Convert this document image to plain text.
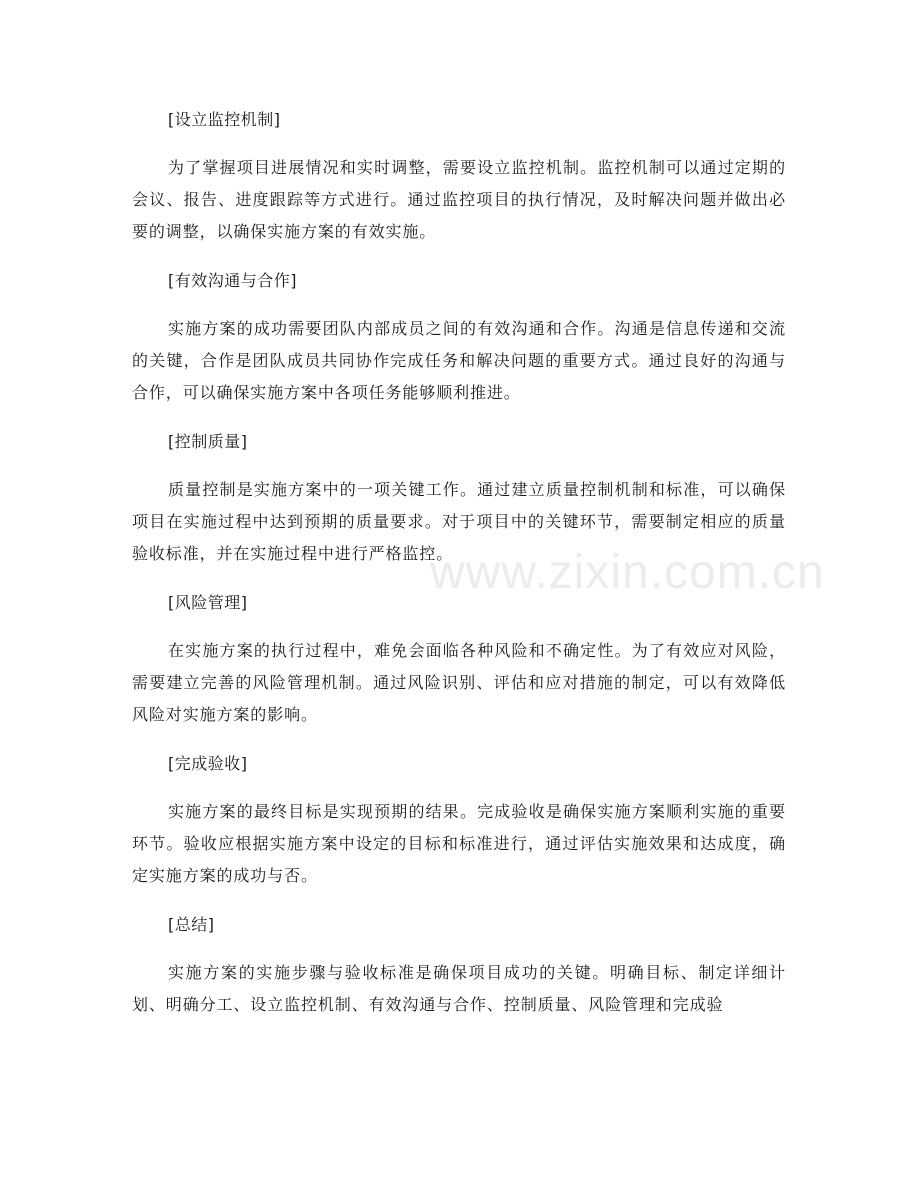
[设立监控机制]

为了掌握项目进展情况和实时调整，需要设立监控机制。监控机制可以通过定期的会议、报告、进度跟踪等方式进行。通过监控项目的执行情况，及时解决问题并做出必要的调整，以确保实施方案的有效实施。

[有效沟通与合作]

实施方案的成功需要团队内部成员之间的有效沟通和合作。沟通是信息传递和交流的关键，合作是团队成员共同协作完成任务和解决问题的重要方式。通过良好的沟通与合作，可以确保实施方案中各项任务能够顺利推进。

[控制质量]

质量控制是实施方案中的一项关键工作。通过建立质量控制机制和标准，可以确保项目在实施过程中达到预期的质量要求。对于项目中的关键环节，需要制定相应的质量验收标准，并在实施过程中进行严格监控。

[风险管理]

在实施方案的执行过程中，难免会面临各种风险和不确定性。为了有效应对风险，需要建立完善的风险管理机制。通过风险识别、评估和应对措施的制定，可以有效降低风险对实施方案的影响。

[完成验收]

实施方案的最终目标是实现预期的结果。完成验收是确保实施方案顺利实施的重要环节。验收应根据实施方案中设定的目标和标准进行，通过评估实施效果和达成度，确定实施方案的成功与否。

[总结]

实施方案的实施步骤与验收标准是确保项目成功的关键。明确目标、制定详细计划、明确分工、设立监控机制、有效沟通与合作、控制质量、风险管理和完成验

www.zixin.com.cn
